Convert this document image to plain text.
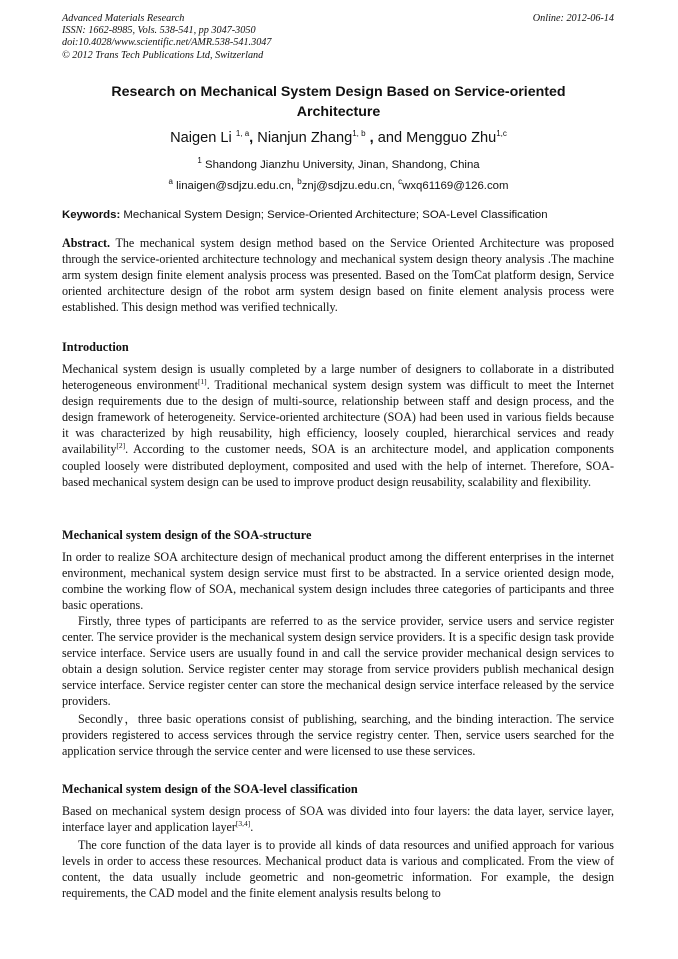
Advanced Materials Research
ISSN: 1662-8985, Vols. 538-541, pp 3047-3050
doi:10.4028/www.scientific.net/AMR.538-541.3047
© 2012 Trans Tech Publications Ltd, Switzerland
Online: 2012-06-14
Research on Mechanical System Design Based on Service-oriented
Architecture
Naigen Li $^{1, a}$, Nianjun Zhang$^{1, b}$ , and Mengguo Zhu$^{1,c}$
$^1$ Shandong Jianzhu University, Jinan, Shandong, China
$^a$ linaigen@sdjzu.edu.cn, $^b$znj@sdjzu.edu.cn, $^c$wxq61169@126.com
Keywords: Mechanical System Design; Service-Oriented Architecture; SOA-Level Classification

Abstract. The mechanical system design method based on the Service Oriented Architecture was proposed through the service-oriented architecture technology and mechanical system design theory analysis .The machine arm system design finite element analysis process was presented. Based on the TomCat platform design, Service oriented architecture design of the robot arm system design based on finite element analysis process were established. This design method was verified technically.

Introduction

Mechanical system design is usually completed by a large number of designers to collaborate in a distributed heterogeneous environment[1]. Traditional mechanical system design system was difficult to meet the Internet design requirements due to the design of multi-source, relationship between staff and design process, and the design framework of heterogeneity. Service-oriented architecture (SOA) had been used in various fields because it was characterized by high reusability, high efficiency, loosely coupled, hierarchical services and ready availability[2]. According to the customer needs, SOA is an architecture model, and application components coupled loosely were distributed deployment, composited and used with the help of internet. Therefore, SOA-based mechanical system design can be used to improve product design reusability, scalability and flexibility.

Mechanical system design of the SOA-structure

In order to realize SOA architecture design of mechanical product among the different enterprises in the internet environment, mechanical system design service must first to be abstracted. In a service oriented design mode, combine the working flow of SOA, mechanical system design includes three categories of participants and three basic operations.

Firstly, three types of participants are referred to as the service provider, service users and service register center. The service provider is the mechanical system design service providers. It is a specific design task provide service interface. Service users are usually found in and call the service provider mechanical design services to obtain a design solution. Service register center may storage from service providers publish mechanical design service interface. Service register center can store the mechanical design service interface released by the service providers.

Secondly，three basic operations consist of publishing, searching, and the binding interaction. The service providers registered to access services through the service registry center. Then, service users searched for the application service through the service center and were licensed to use these services.

Mechanical system design of the SOA-level classification

Based on mechanical system design process of SOA was divided into four layers: the data layer, service layer, interface layer and application layer[3,4].

The core function of the data layer is to provide all kinds of data resources and unified approach for various levels in order to access these resources. Mechanical product data is various and complicated. From the view of content, the data usually include geometric and non-geometric information. For example, the design requirements, the CAD model and the finite element analysis results belong to
